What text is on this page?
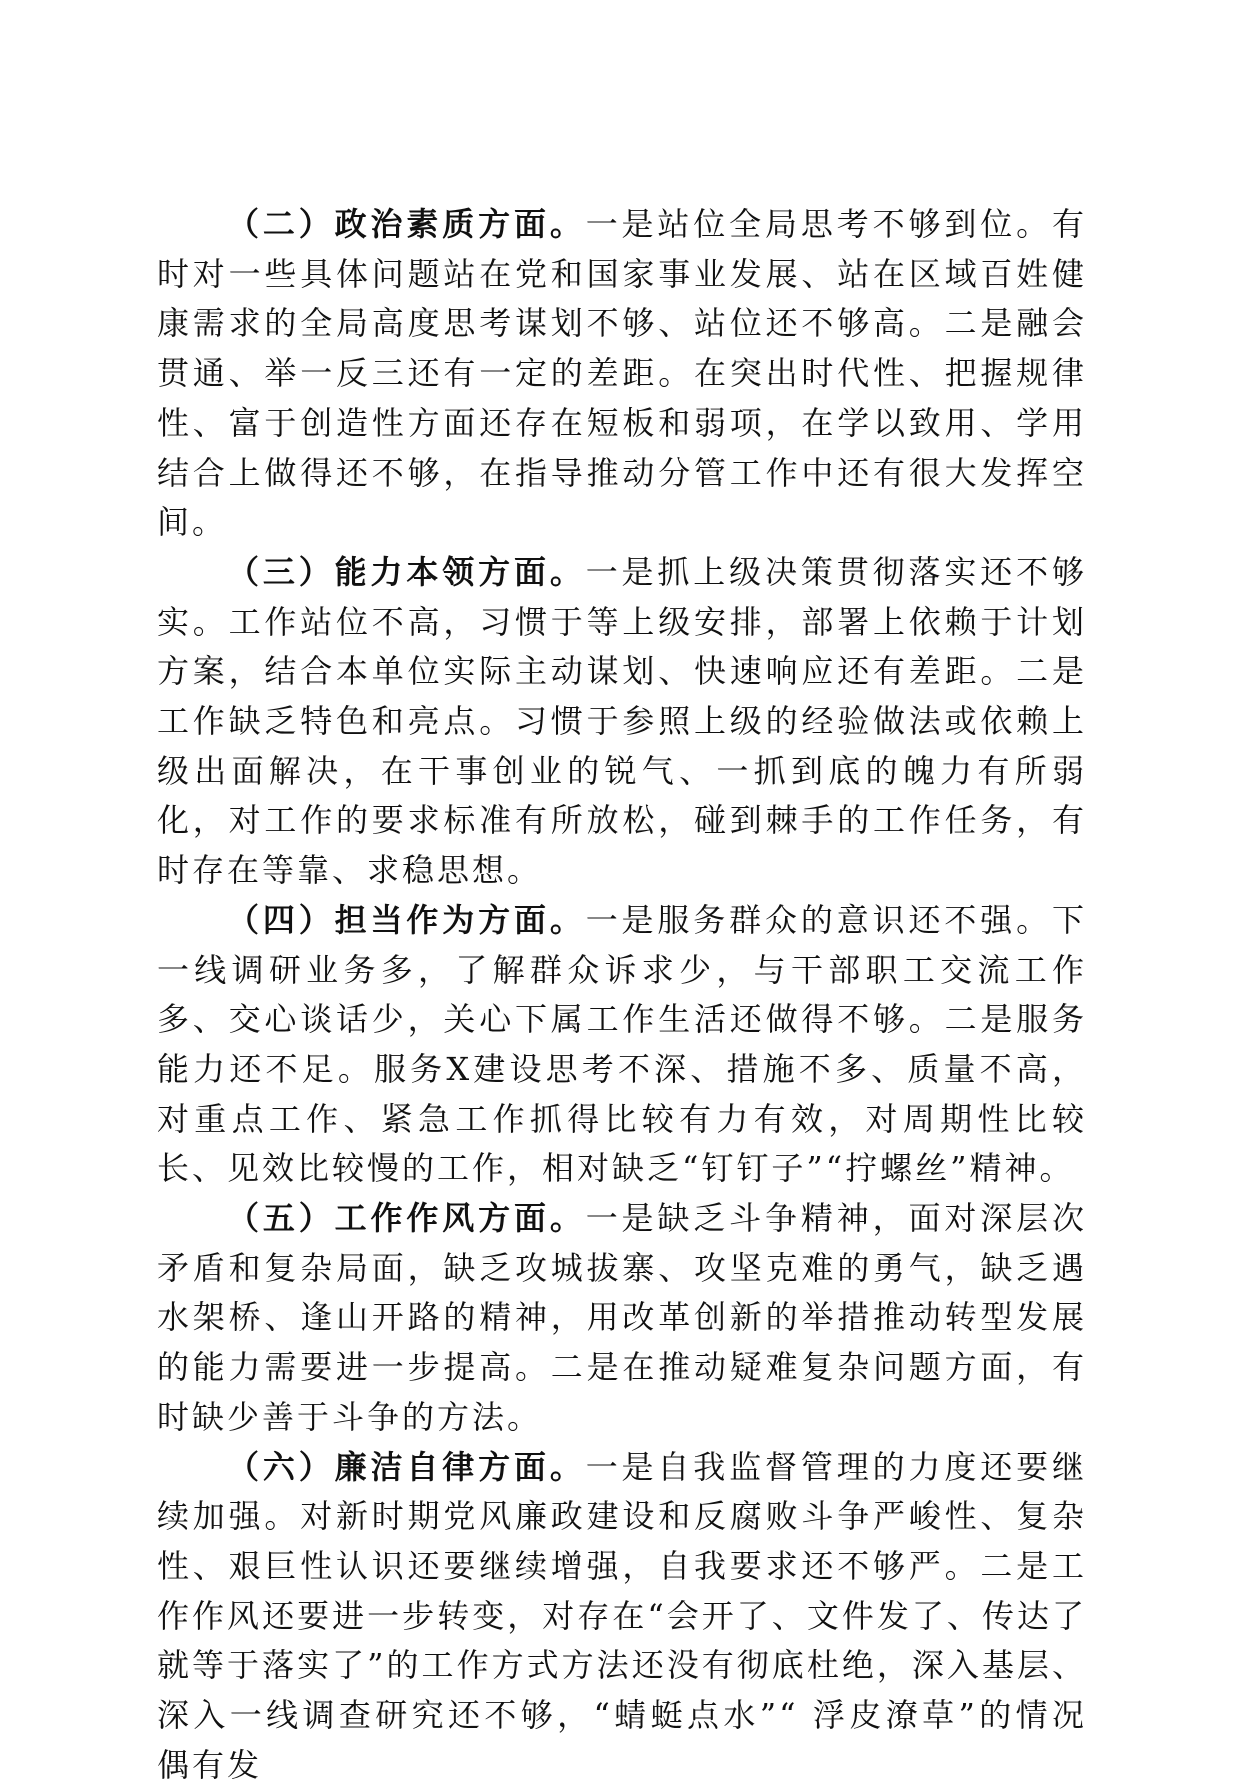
（二）政治素质方面。一是站位全局思考不够到位。有时对一些具体问题站在党和国家事业发展、站在区域百姓健康需求的全局高度思考谋划不够、站位还不够高。二是融会贯通、举一反三还有一定的差距。在突出时代性、把握规律性、富于创造性方面还存在短板和弱项，在学以致用、学用结合上做得还不够，在指导推动分管工作中还有很大发挥空间。

（三）能力本领方面。一是抓上级决策贯彻落实还不够实。工作站位不高，习惯于等上级安排，部署上依赖于计划方案，结合本单位实际主动谋划、快速响应还有差距。二是工作缺乏特色和亮点。习惯于参照上级的经验做法或依赖上级出面解决，在干事创业的锐气、一抓到底的魄力有所弱化，对工作的要求标准有所放松，碰到棘手的工作任务，有时存在等靠、求稳思想。

（四）担当作为方面。一是服务群众的意识还不强。下一线调研业务多，了解群众诉求少，与干部职工交流工作多、交心谈话少，关心下属工作生活还做得不够。二是服务能力还不足。服务X建设思考不深、措施不多、质量不高，对重点工作、紧急工作抓得比较有力有效，对周期性比较长、见效比较慢的工作，相对缺乏“钉钉子”“拧螺丝”精神。

（五）工作作风方面。一是缺乏斗争精神，面对深层次矛盾和复杂局面，缺乏攻城拔寨、攻坚克难的勇气，缺乏遇水架桥、逢山开路的精神，用改革创新的举措推动转型发展的能力需要进一步提高。二是在推动疑难复杂问题方面，有时缺少善于斗争的方法。

（六）廉洁自律方面。一是自我监督管理的力度还要继续加强。对新时期党风廉政建设和反腐败斗争严峻性、复杂性、艰巨性认识还要继续增强，自我要求还不够严。二是工作作风还要进一步转变，对存在“会开了、文件发了、传达了就等于落实了”的工作方式方法还没有彻底杜绝，深入基层、深入一线调查研究还不够，“蜻蜓点水”“ 浮皮潦草”的情况偶有发
